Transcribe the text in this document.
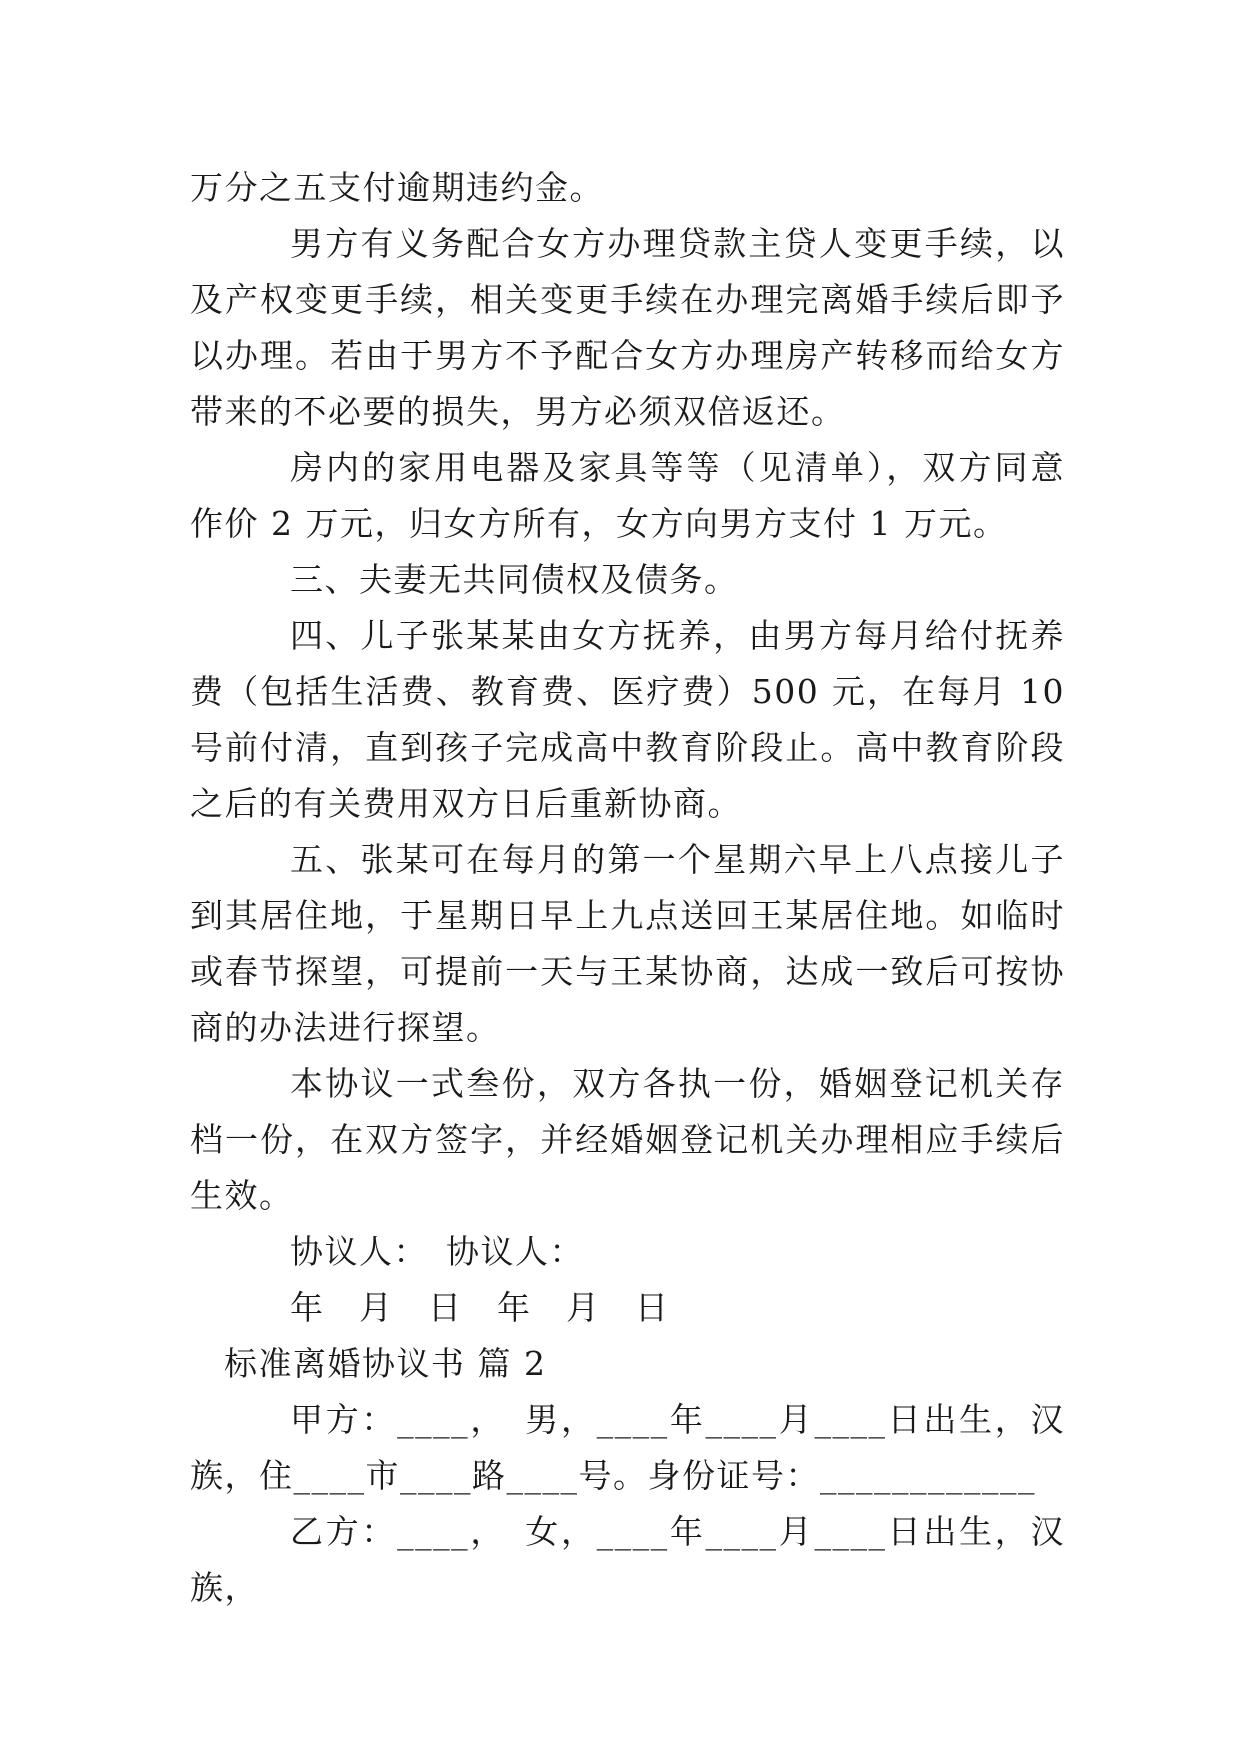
万分之五支付逾期违约金。

男方有义务配合女方办理贷款主贷人变更手续，以及产权变更手续，相关变更手续在办理完离婚手续后即予以办理。若由于男方不予配合女方办理房产转移而给女方带来的不必要的损失，男方必须双倍返还。

房内的家用电器及家具等等（见清单），双方同意作价 2 万元，归女方所有，女方向男方支付 1 万元。

三、夫妻无共同债权及债务。

四、儿子张某某由女方抚养，由男方每月给付抚养费（包括生活费、教育费、医疗费）500 元，在每月 10 号前付清，直到孩子完成高中教育阶段止。高中教育阶段之后的有关费用双方日后重新协商。

五、张某可在每月的第一个星期六早上八点接儿子到其居住地，于星期日早上九点送回王某居住地。如临时或春节探望，可提前一天与王某协商，达成一致后可按协商的办法进行探望。

本协议一式叁份，双方各执一份，婚姻登记机关存档一份，在双方签字，并经婚姻登记机关办理相应手续后生效。

协议人：　协议人：

年　月　日　年　月　日

标准离婚协议书 篇 2

甲方：____，　男，____年____月____日出生，汉族，住____市____路____号。身份证号：____________

乙方：____，　女，____年____月____日出生，汉族，
